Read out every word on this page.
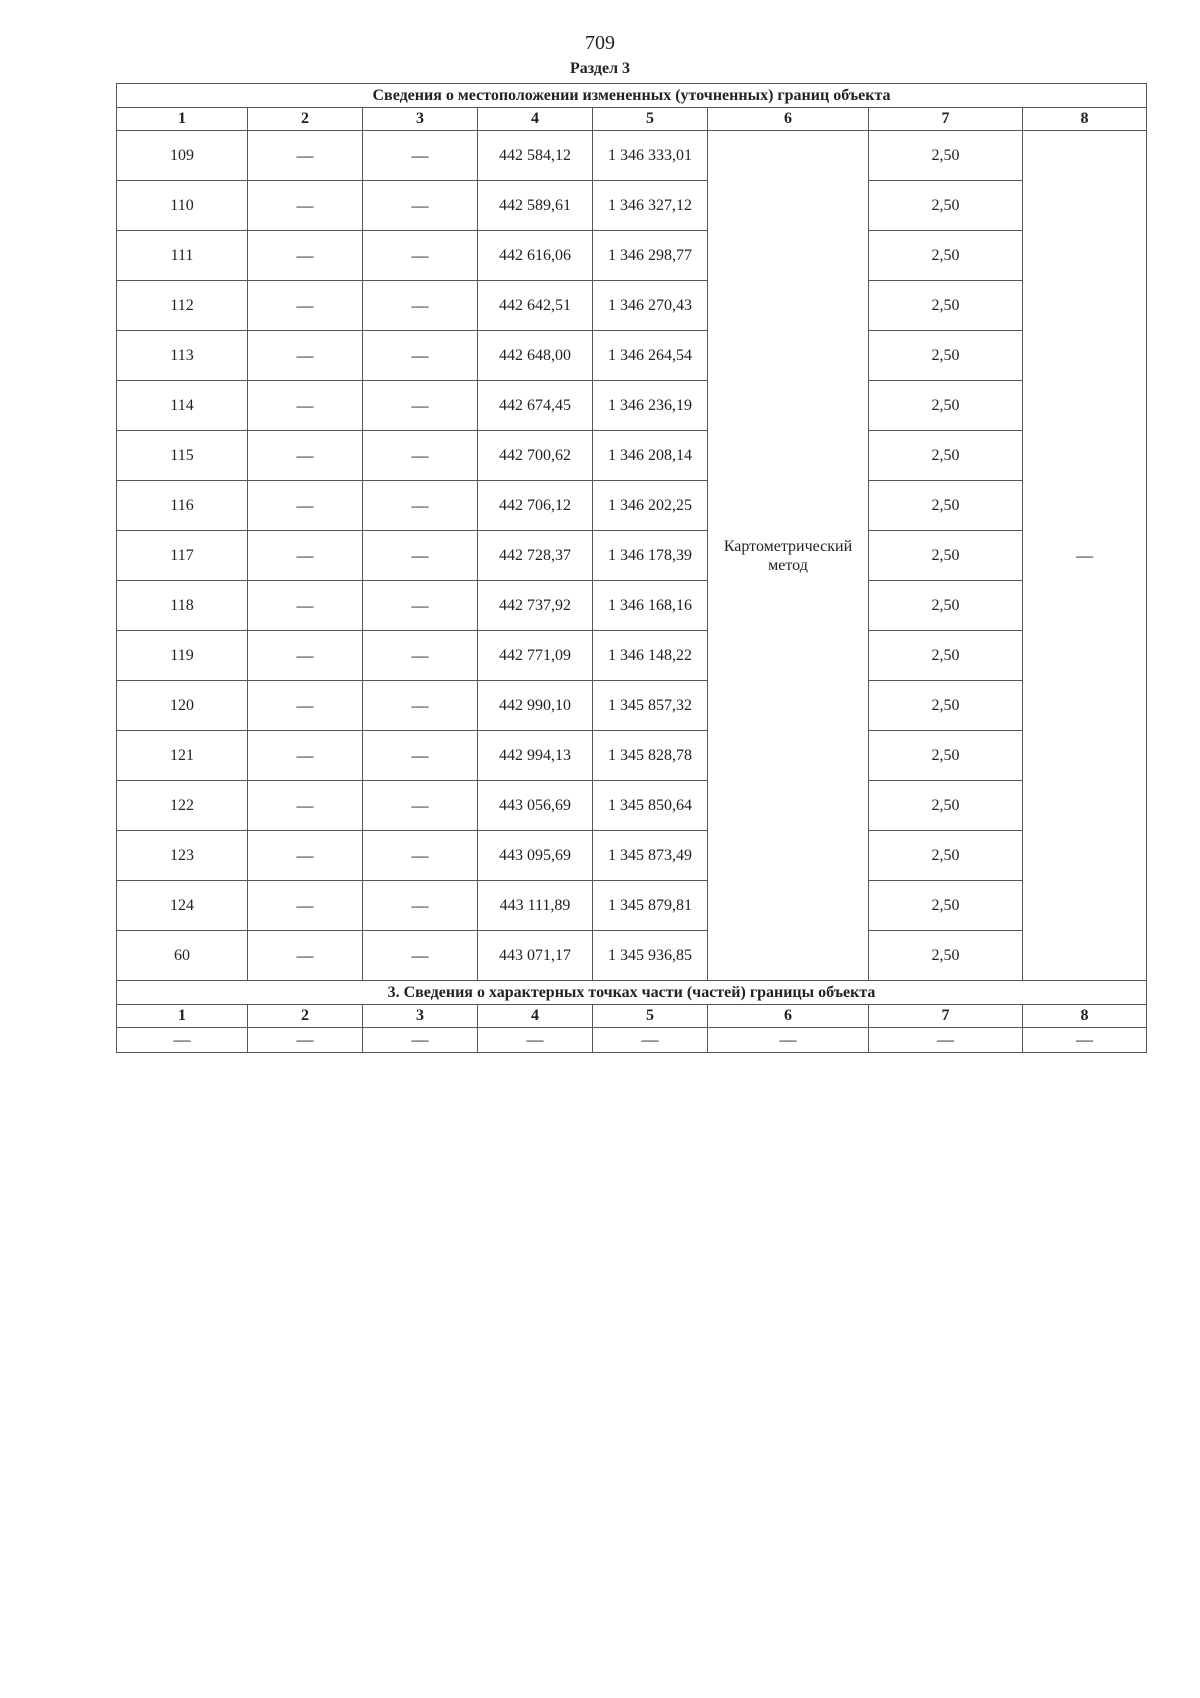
709
Раздел 3
Сведения о местоположении измененных (уточненных) границ объекта							
1	2	3	4	5	6	7	8
109	—	—	442 584,12	1 346 333,01	Картометрический метод	2,50	—
110	—	—	442 589,61	1 346 327,12		2,50	
111	—	—	442 616,06	1 346 298,77		2,50	
112	—	—	442 642,51	1 346 270,43		2,50	
113	—	—	442 648,00	1 346 264,54		2,50	
114	—	—	442 674,45	1 346 236,19		2,50	
115	—	—	442 700,62	1 346 208,14		2,50	
116	—	—	442 706,12	1 346 202,25		2,50	
117	—	—	442 728,37	1 346 178,39		2,50	
118	—	—	442 737,92	1 346 168,16		2,50	
119	—	—	442 771,09	1 346 148,22		2,50	
120	—	—	442 990,10	1 345 857,32		2,50	
121	—	—	442 994,13	1 345 828,78		2,50	
122	—	—	443 056,69	1 345 850,64		2,50	
123	—	—	443 095,69	1 345 873,49		2,50	
124	—	—	443 111,89	1 345 879,81		2,50	
60	—	—	443 071,17	1 345 936,85		2,50	
3. Сведения о характерных точках части (частей) границы объекта							
1	2	3	4	5	6	7	8
—	—	—	—	—	—	—	—
